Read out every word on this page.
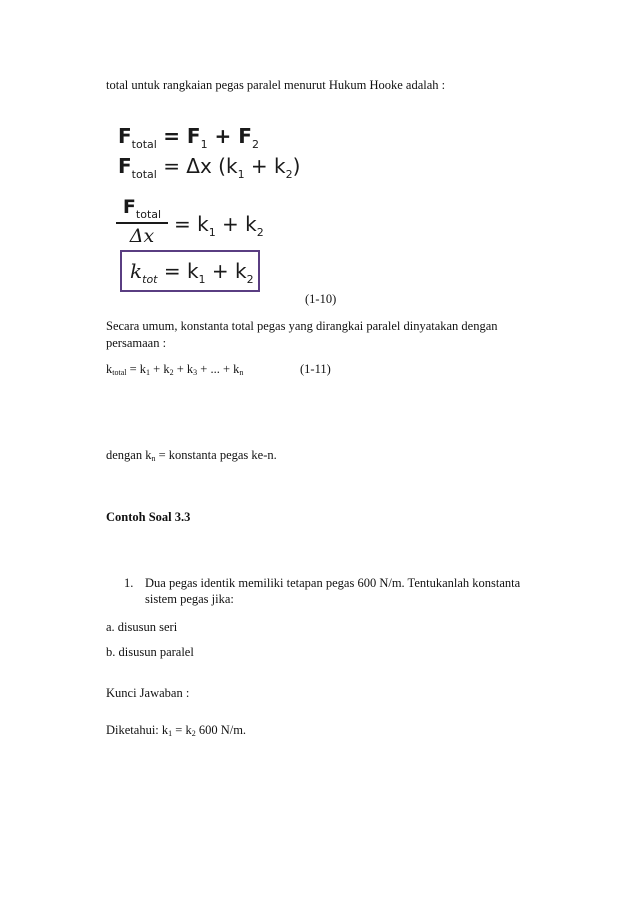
total untuk rangkaian pegas paralel menurut Hukum Hooke adalah :
$F_{total} = F_1 + F_2$
$F_{total} = \Delta x$ $(k_1 + k_2)$
$F_{total}$
$\Delta x = k_1 + k_2$
$k_{tot} = k_1 + k_2$
(1-10)
Secara umum, konstanta total pegas yang dirangkai paralel dinyatakan dengan
persamaan :
$k_{total} = k_1 + k_2 + k_3$ + ... + $k_n$	(1-11)
dengan $k_n$ = konstanta pegas ke-n.
Contoh Soal 3.3
1. Dua pegas identik memiliki tetapan pegas 600 N/m. Tentukanlah konstanta
sistem pegas jika:
a. disusun seri
b. disusun paralel
Kunci Jawaban :
Diketahui: $k_1 = k_2$ 600 N/m.
